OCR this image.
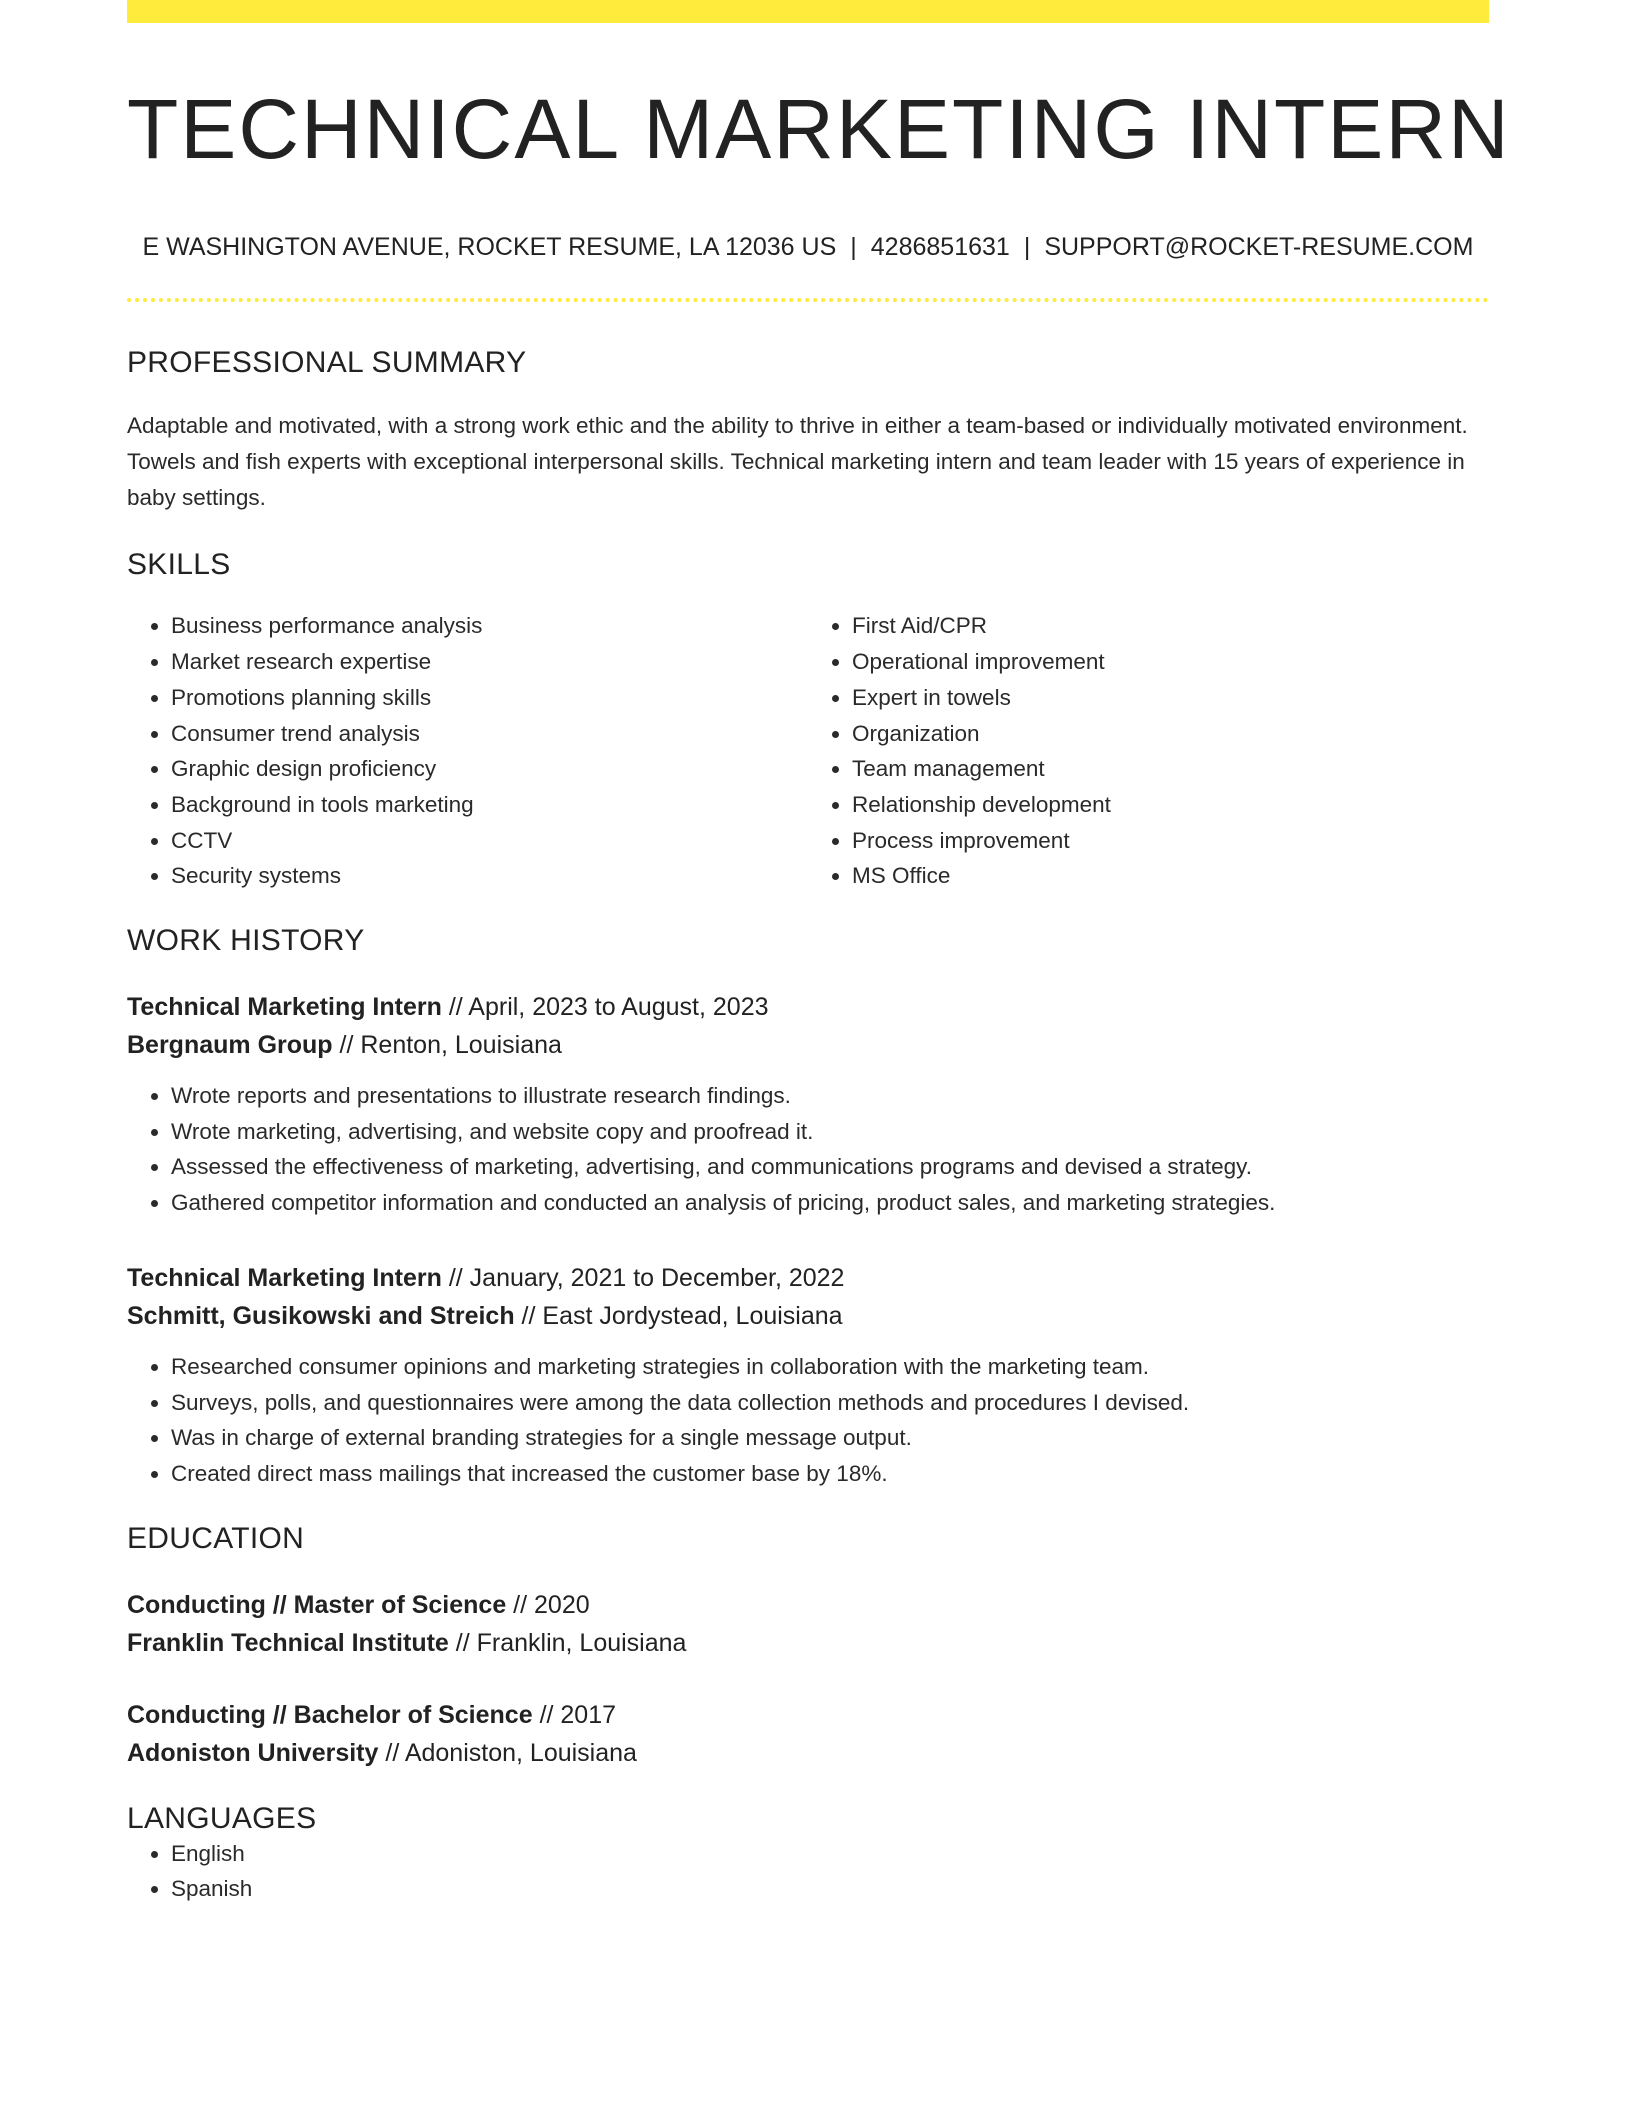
TECHNICAL MARKETING INTERN
E WASHINGTON AVENUE, ROCKET RESUME, LA 12036 US | 4286851631 | SUPPORT@ROCKET-RESUME.COM
PROFESSIONAL SUMMARY
Adaptable and motivated, with a strong work ethic and the ability to thrive in either a team-based or individually motivated environment. Towels and fish experts with exceptional interpersonal skills. Technical marketing intern and team leader with 15 years of experience in baby settings.
SKILLS
• Business performance analysis
• Market research expertise
• Promotions planning skills
• Consumer trend analysis
• Graphic design proficiency
• Background in tools marketing
• CCTV
• Security systems
• First Aid/CPR
• Operational improvement
• Expert in towels
• Organization
• Team management
• Relationship development
• Process improvement
• MS Office
WORK HISTORY
Technical Marketing Intern // April, 2023 to August, 2023
Bergnaum Group // Renton, Louisiana
• Wrote reports and presentations to illustrate research findings.
• Wrote marketing, advertising, and website copy and proofread it.
• Assessed the effectiveness of marketing, advertising, and communications programs and devised a strategy.
• Gathered competitor information and conducted an analysis of pricing, product sales, and marketing strategies.
Technical Marketing Intern // January, 2021 to December, 2022
Schmitt, Gusikowski and Streich // East Jordystead, Louisiana
• Researched consumer opinions and marketing strategies in collaboration with the marketing team.
• Surveys, polls, and questionnaires were among the data collection methods and procedures I devised.
• Was in charge of external branding strategies for a single message output.
• Created direct mass mailings that increased the customer base by 18%.
EDUCATION
Conducting // Master of Science // 2020
Franklin Technical Institute // Franklin, Louisiana
Conducting // Bachelor of Science // 2017
Adoniston University // Adoniston, Louisiana
LANGUAGES
• English
• Spanish
